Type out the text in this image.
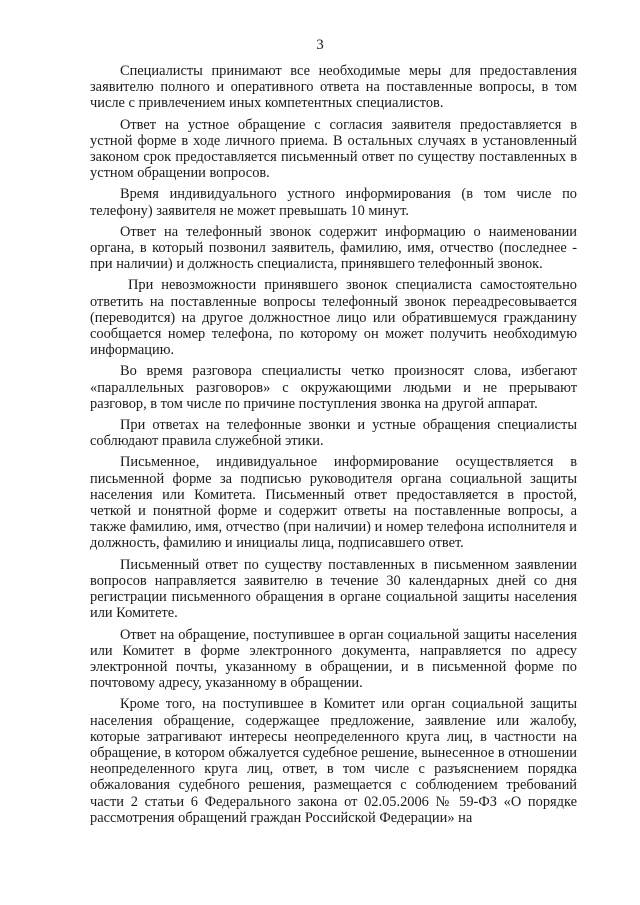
3

Специалисты принимают все необходимые меры для предоставления заявителю полного и оперативного ответа на поставленные вопросы, в том числе с привлечением иных компетентных специалистов.

Ответ на устное обращение с согласия заявителя предоставляется в устной форме в ходе личного приема. В остальных случаях в установленный законом срок предоставляется письменный ответ по существу поставленных в устном обращении вопросов.

Время индивидуального устного информирования (в том числе по телефону) заявителя не может превышать 10 минут.

Ответ на телефонный звонок содержит информацию о наименовании органа, в который позвонил заявитель, фамилию, имя, отчество (последнее - при наличии) и должность специалиста, принявшего телефонный звонок.

При невозможности принявшего звонок специалиста самостоятельно ответить на поставленные вопросы телефонный звонок переадресовывается (переводится) на другое должностное лицо или обратившемуся гражданину сообщается номер телефона, по которому он может получить необходимую информацию.

Во время разговора специалисты четко произносят слова, избегают «параллельных разговоров» с окружающими людьми и не прерывают разговор, в том числе по причине поступления звонка на другой аппарат.

При ответах на телефонные звонки и устные обращения специалисты соблюдают правила служебной этики.

Письменное, индивидуальное информирование осуществляется в письменной форме за подписью руководителя органа социальной защиты населения или Комитета. Письменный ответ предоставляется в простой, четкой и понятной форме и содержит ответы на поставленные вопросы, а также фамилию, имя, отчество (при наличии) и номер телефона исполнителя и должность, фамилию и инициалы лица, подписавшего ответ.

Письменный ответ по существу поставленных в письменном заявлении вопросов направляется заявителю в течение 30 календарных дней со дня регистрации письменного обращения в органе социальной защиты населения или Комитете.

Ответ на обращение, поступившее в орган социальной защиты населения или Комитет в форме электронного документа, направляется по адресу электронной почты, указанному в обращении, и в письменной форме по почтовому адресу, указанному в обращении.

Кроме того, на поступившее в Комитет или орган социальной защиты населения обращение, содержащее предложение, заявление или жалобу, которые затрагивают интересы неопределенного круга лиц, в частности на обращение, в котором обжалуется судебное решение, вынесенное в отношении неопределенного круга лиц, ответ, в том числе с разъяснением порядка обжалования судебного решения, размещается с соблюдением требований части 2 статьи 6 Федерального закона от 02.05.2006 № 59-ФЗ «О порядке рассмотрения обращений граждан Российской Федерации» на
